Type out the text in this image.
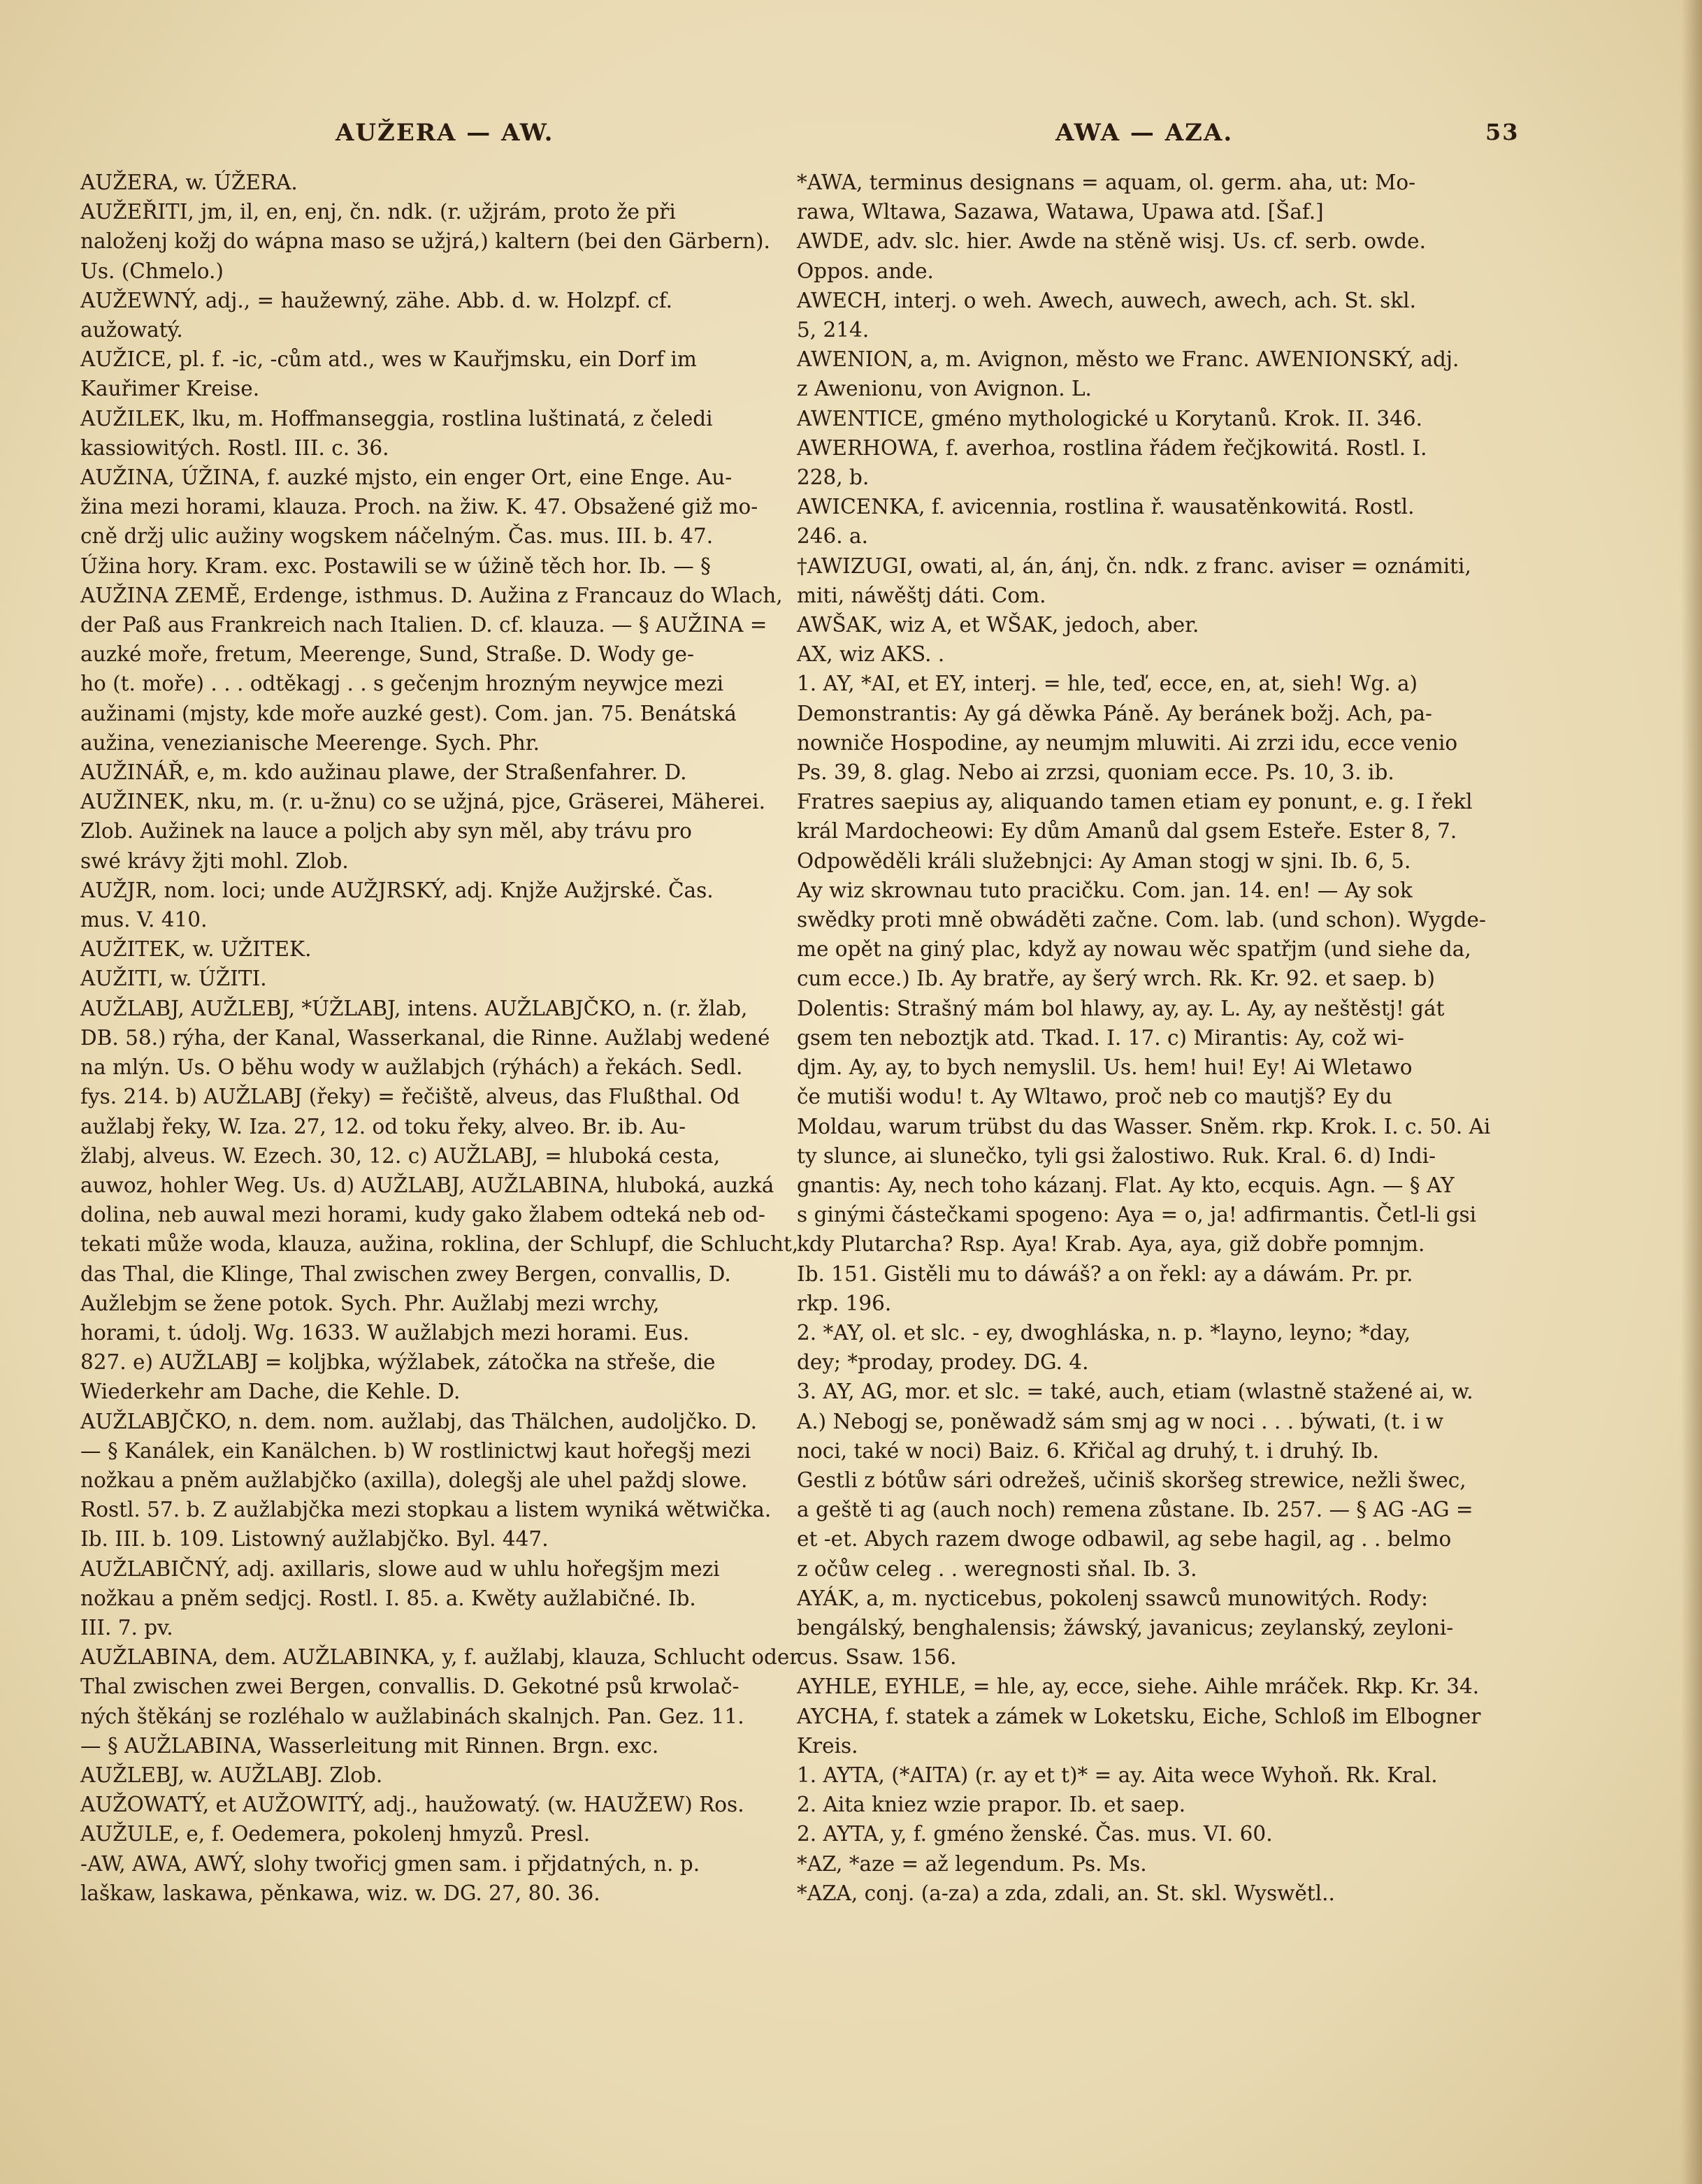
AUŽERA — AW.	AWA — AZA.	53

AUŽERA, w. ÚŽERA.

AUŽEŘITI, jm, il, en, enj, čn. ndk. (r. užjrám, proto že při

naloženj kožj do wápna maso se užjrá,) kaltern (bei den Gärbern).

Us. (Chmelo.)

AUŽEWNÝ, adj., = haužewný, zähe. Abb. d. w. Holzpf. cf.

aužowatý.

AUŽICE, pl. f. -ic, -cům atd., wes w Kauřjmsku, ein Dorf im

Kauřimer Kreise.

AUŽILEK, lku, m. Hoffmanseggia, rostlina luštinatá, z čeledi

kassiowitých. Rostl. III. c. 36.

AUŽINA, ÚŽINA, f. auzké mjsto, ein enger Ort, eine Enge. Au-

žina mezi horami, klauza. Proch. na žiw. K. 47. Obsažené giž mo-

cně držj ulic aužiny wogskem náčelným. Čas. mus. III. b. 47.

Úžina hory. Kram. exc. Postawili se w úžině těch hor. Ib. — §

AUŽINA ZEMĚ, Erdenge, isthmus. D. Aužina z Francauz do Wlach,

der Paß aus Frankreich nach Italien. D. cf. klauza. — § AUŽINA =

auzké moře, fretum, Meerenge, Sund, Straße. D. Wody ge-

ho (t. moře) . . . odtěkagj . . s gečenjm hrozným neywjce mezi

aužinami (mjsty, kde moře auzké gest). Com. jan. 75. Benátská

aužina, venezianische Meerenge. Sych. Phr.

AUŽINÁŘ, e, m. kdo aužinau plawe, der Straßenfahrer. D.

AUŽINEK, nku, m. (r. u-žnu) co se užjná, pjce, Gräserei, Mäherei.

Zlob. Aužinek na lauce a poljch aby syn měl, aby trávu pro

swé krávy žjti mohl. Zlob.

AUŽJR, nom. loci; unde AUŽJRSKÝ, adj. Knjže Aužjrské. Čas.

mus. V. 410.

AUŽITEK, w. UŽITEK.

AUŽITI, w. ÚŽITI.

AUŽLABJ, AUŽLEBJ, *ÚŽLABJ, intens. AUŽLABJČKO, n. (r. žlab,

DB. 58.) rýha, der Kanal, Wasserkanal, die Rinne. Aužlabj wedené

na mlýn. Us. O běhu wody w aužlabjch (rýhách) a řekách. Sedl.

fys. 214. b) AUŽLABJ (řeky) = řečiště, alveus, das Flußthal. Od

aužlabj řeky, W. Iza. 27, 12. od toku řeky, alveo. Br. ib. Au-

žlabj, alveus. W. Ezech. 30, 12. c) AUŽLABJ, = hluboká cesta,

auwoz, hohler Weg. Us. d) AUŽLABJ, AUŽLABINA, hluboká, auzká

dolina, neb auwal mezi horami, kudy gako žlabem odteká neb od-

tekati může woda, klauza, aužina, roklina, der Schlupf, die Schlucht,

das Thal, die Klinge, Thal zwischen zwey Bergen, convallis, D.

Aužlebjm se žene potok. Sych. Phr. Aužlabj mezi wrchy,

horami, t. údolj. Wg. 1633. W aužlabjch mezi horami. Eus.

827. e) AUŽLABJ = koljbka, wýžlabek, zátočka na střeše, die

Wiederkehr am Dache, die Kehle. D.

AUŽLABJČKO, n. dem. nom. aužlabj, das Thälchen, audoljčko. D.

— § Kanálek, ein Kanälchen. b) W rostlinictwj kaut hořegšj mezi

nožkau a pněm aužlabjčko (axilla), dolegšj ale uhel paždj slowe.

Rostl. 57. b. Z aužlabjčka mezi stopkau a listem wyniká wětwička.

Ib. III. b. 109. Listowný aužlabjčko. Byl. 447.

AUŽLABIČNÝ, adj. axillaris, slowe aud w uhlu hořegšjm mezi

nožkau a pněm sedjcj. Rostl. I. 85. a. Kwěty aužlabičné. Ib.

III. 7. pv.

AUŽLABINA, dem. AUŽLABINKA, y, f. aužlabj, klauza, Schlucht oder

Thal zwischen zwei Bergen, convallis. D. Gekotné psů krwolač-

ných štěkánj se rozléhalo w aužlabinách skalnjch. Pan. Gez. 11.

— § AUŽLABINA, Wasserleitung mit Rinnen. Brgn. exc.

AUŽLEBJ, w. AUŽLABJ. Zlob.

AUŽOWATÝ, et AUŽOWITÝ, adj., haužowatý. (w. HAUŽEW) Ros.

AUŽULE, e, f. Oedemera, pokolenj hmyzů. Presl.

-AW, AWA, AWÝ, slohy twořicj gmen sam. i přjdatných, n. p.

laškaw, laskawa, pěnkawa, wiz. w. DG. 27, 80. 36.

*AWA, terminus designans = aquam, ol. germ. aha, ut: Mo-

rawa, Wltawa, Sazawa, Watawa, Upawa atd. [Šaf.]

AWDE, adv. slc. hier. Awde na stěně wisj. Us. cf. serb. owde.

Oppos. ande.

AWECH, interj. o weh. Awech, auwech, awech, ach. St. skl.

5, 214.

AWENION, a, m. Avignon, město we Franc. AWENIONSKÝ, adj.

z Awenionu, von Avignon. L.

AWENTICE, gméno mythologické u Korytanů. Krok. II. 346.

AWERHOWA, f. averhoa, rostlina řádem řečjkowitá. Rostl. I.

228, b.

AWICENKA, f. avicennia, rostlina ř. wausatěnkowitá. Rostl.

246. a.

†AWIZUGI, owati, al, án, ánj, čn. ndk. z franc. aviser = oznámiti,

miti, náwěštj dáti. Com.

AWŠAK, wiz A, et WŠAK, jedoch, aber.

AX, wiz AKS. .

1. AY, *AI, et EY, interj. = hle, teď, ecce, en, at, sieh! Wg. a)

Demonstrantis: Ay gá děwka Páně. Ay beránek božj. Ach, pa-

nowniče Hospodine, ay neumjm mluwiti. Ai zrzi idu, ecce venio

Ps. 39, 8. glag. Nebo ai zrzsi, quoniam ecce. Ps. 10, 3. ib.

Fratres saepius ay, aliquando tamen etiam ey ponunt, e. g. I řekl

král Mardocheowi: Ey dům Amanů dal gsem Esteře. Ester 8, 7.

Odpowěděli králi služebnjci: Ay Aman stogj w sjni. Ib. 6, 5.

Ay wiz skrownau tuto pracičku. Com. jan. 14. en! — Ay sok

swědky proti mně obwáděti začne. Com. lab. (und schon). Wygde-

me opět na giný plac, když ay nowau wěc spatřjm (und siehe da,

cum ecce.) Ib. Ay bratře, ay šerý wrch. Rk. Kr. 92. et saep. b)

Dolentis: Strašný mám bol hlawy, ay, ay. L. Ay, ay neštěstj! gát

gsem ten neboztjk atd. Tkad. I. 17. c) Mirantis: Ay, což wi-

djm. Ay, ay, to bych nemyslil. Us. hem! hui! Ey! Ai Wletawo

če mutiši wodu! t. Ay Wltawo, proč neb co mautjš? Ey du

Moldau, warum trübst du das Wasser. Sněm. rkp. Krok. I. c. 50. Ai

ty slunce, ai slunečko, tyli gsi žalostiwo. Ruk. Kral. 6. d) Indi-

gnantis: Ay, nech toho kázanj. Flat. Ay kto, ecquis. Agn. — § AY

s ginými částečkami spogeno: Aya = o, ja! adfirmantis. Četl-li gsi

kdy Plutarcha? Rsp. Aya! Krab. Aya, aya, giž dobře pomnjm.

Ib. 151. Gistěli mu to dáwáš? a on řekl: ay a dáwám. Pr. pr.

rkp. 196.

2. *AY, ol. et slc. - ey, dwoghláska, n. p. *layno, leyno; *day,

dey; *proday, prodey. DG. 4.

3. AY, AG, mor. et slc. = také, auch, etiam (wlastně stažené ai, w.

A.) Nebogj se, poněwadž sám smj ag w noci . . . býwati, (t. i w

noci, také w noci) Baiz. 6. Křičal ag druhý, t. i druhý. Ib.

Gestli z bótůw sári odrežeš, učiniš skoršeg strewice, nežli šwec,

a geště ti ag (auch noch) remena zůstane. Ib. 257. — § AG -AG =

et -et. Abych razem dwoge odbawil, ag sebe hagil, ag . . belmo

z očůw celeg . . weregnosti sňal. Ib. 3.

AYÁK, a, m. nycticebus, pokolenj ssawců munowitých. Rody:

bengálský, benghalensis; žáwský, javanicus; zeylanský, zeyloni-

cus. Ssaw. 156.

AYHLE, EYHLE, = hle, ay, ecce, siehe. Aihle mráček. Rkp. Kr. 34.

AYCHA, f. statek a zámek w Loketsku, Eiche, Schloß im Elbogner

Kreis.

1. AYTA, (*AITA) (r. ay et t)* = ay. Aita wece Wyhoň. Rk. Kral.

2. Aita kniez wzie prapor. Ib. et saep.

2. AYTA, y, f. gméno ženské. Čas. mus. VI. 60.

*AZ, *aze = až legendum. Ps. Ms.

*AZA, conj. (a-za) a zda, zdali, an. St. skl. Wyswětl..
